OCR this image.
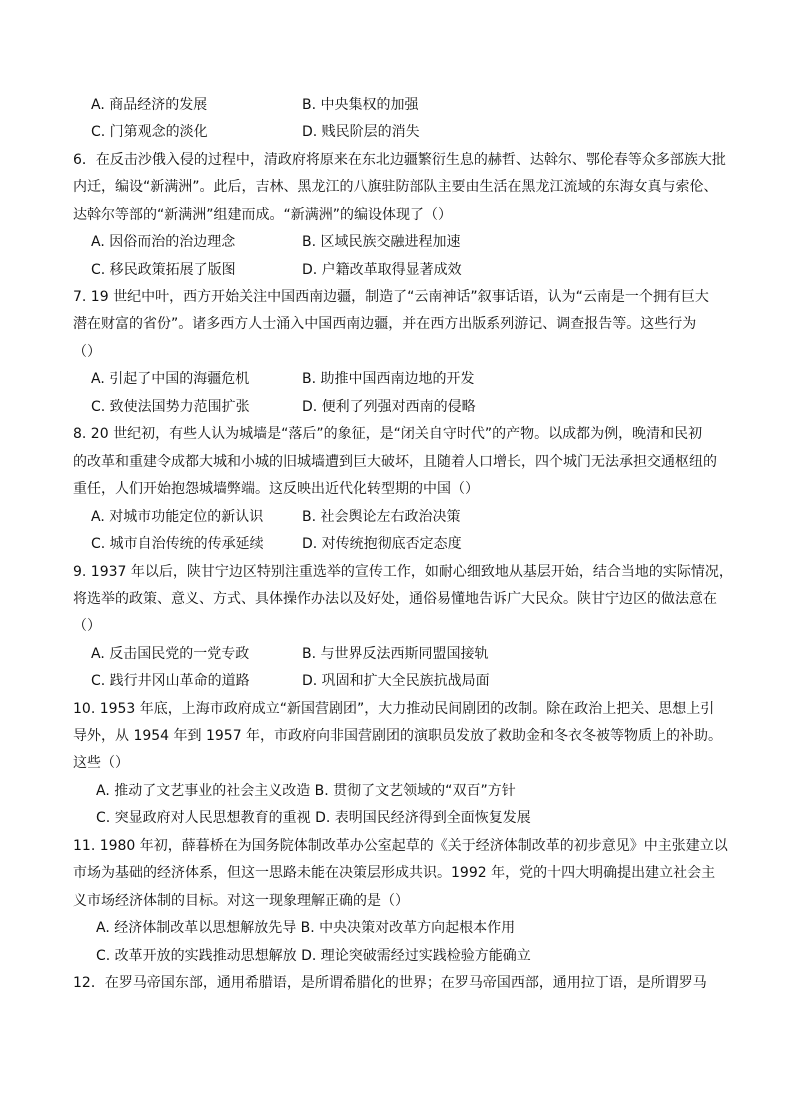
A. 商品经济的发展	B. 中央集权的加强
C. 门第观念的淡化	D. 贱民阶层的消失
6．在反击沙俄入侵的过程中，清政府将原来在东北边疆繁衍生息的赫哲、达斡尔、鄂伦春等众多部族大批
内迁，编设“新满洲”。此后，吉林、黑龙江的八旗驻防部队主要由生活在黑龙江流域的东海女真与索伦、
达斡尔等部的“新满洲”组建而成。“新满洲”的编设体现了（）
A. 因俗而治的治边理念	B. 区域民族交融进程加速
C. 移民政策拓展了版图	D. 户籍改革取得显著成效
7. 19 世纪中叶，西方开始关注中国西南边疆，制造了“云南神话”叙事话语，认为“云南是一个拥有巨大
潜在财富的省份”。诸多西方人士涌入中国西南边疆，并在西方出版系列游记、调查报告等。这些行为
（）
A. 引起了中国的海疆危机	B. 助推中国西南边地的开发
C. 致使法国势力范围扩张	D. 便利了列强对西南的侵略
8. 20 世纪初，有些人认为城墙是“落后”的象征，是“闭关自守时代”的产物。以成都为例，晚清和民初
的改革和重建令成都大城和小城的旧城墙遭到巨大破坏，且随着人口增长，四个城门无法承担交通枢纽的
重任，人们开始抱怨城墙弊端。这反映出近代化转型期的中国（）
A. 对城市功能定位的新认识	B. 社会舆论左右政治决策
C. 城市自治传统的传承延续	D. 对传统抱彻底否定态度
9. 1937 年以后，陕甘宁边区特别注重选举的宣传工作，如耐心细致地从基层开始，结合当地的实际情况，
将选举的政策、意义、方式、具体操作办法以及好处，通俗易懂地告诉广大民众。陕甘宁边区的做法意在
（）
A. 反击国民党的一党专政	B. 与世界反法西斯同盟国接轨
C. 践行井冈山革命的道路	D. 巩固和扩大全民族抗战局面
10. 1953 年底，上海市政府成立“新国营剧团”，大力推动民间剧团的改制。除在政治上把关、思想上引
导外，从 1954 年到 1957 年，市政府向非国营剧团的演职员发放了救助金和冬衣冬被等物质上的补助。
这些（）
A. 推动了文艺事业的社会主义改造 B. 贯彻了文艺领域的“双百”方针
C. 突显政府对人民思想教育的重视 D. 表明国民经济得到全面恢复发展
11. 1980 年初，薛暮桥在为国务院体制改革办公室起草的《关于经济体制改革的初步意见》中主张建立以
市场为基础的经济体系，但这一思路未能在决策层形成共识。1992 年，党的十四大明确提出建立社会主
义市场经济体制的目标。对这一现象理解正确的是（）
A. 经济体制改革以思想解放先导 B. 中央决策对改革方向起根本作用
C. 改革开放的实践推动思想解放 D. 理论突破需经过实践检验方能确立
12．在罗马帝国东部，通用希腊语，是所谓希腊化的世界；在罗马帝国西部，通用拉丁语，是所谓罗马
